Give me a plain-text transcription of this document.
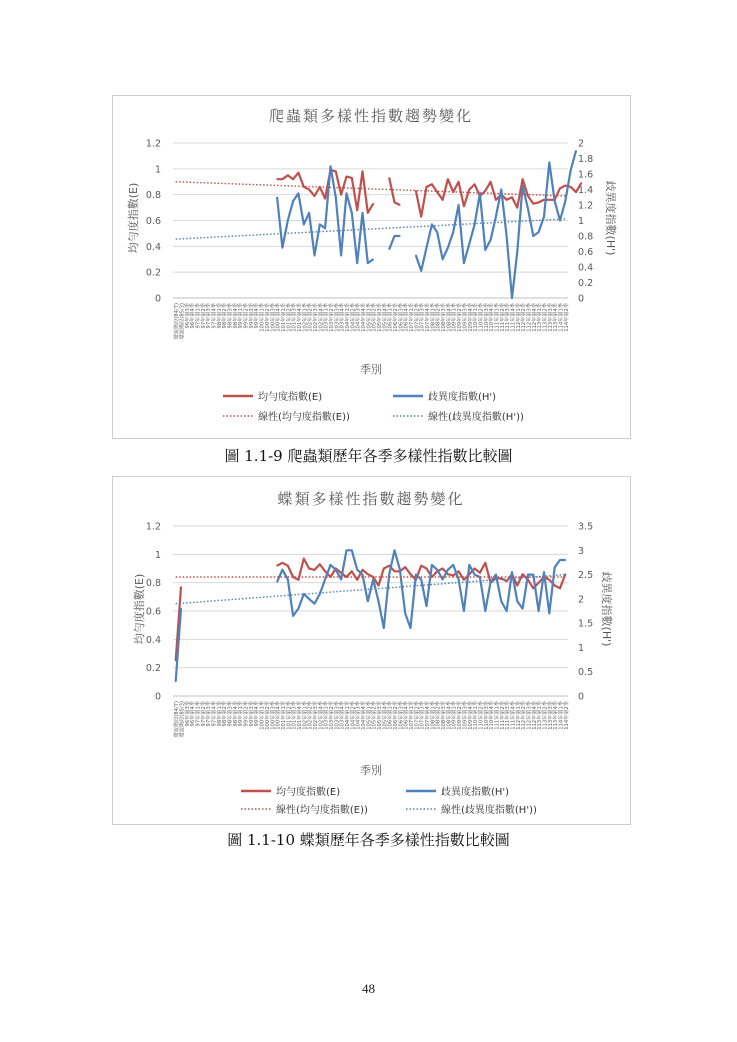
爬蟲類多樣性指數趨勢變化
季別
均勻度指數(E)	歧異度指數(H')
均勻度指數(E)	歧異度指數(H')
線性(均勻度指數(E))	線性(歧異度指數(H'))
0
0.2
0.4
0.6
0.8
1
1.2
0
0.2
0.4
0.6
0.8
1
1.2
1.4
1.6
1.8
2
環說階段(84/7) 環說階段(85/3) 96年第3季 96年第4季 97年第1季 97年第2季 97年第3季 97年第4季 98年第1季 98年第2季 98年第3季 98年第4季 99年第1季 99年第2季 99年第3季 99年第4季 100年第1季 100年第2季 100年第3季 100年第4季 101年第1季 101年第2季 101年第3季 101年第4季 102年第1季 102年第2季 102年第3季 102年第4季 103年第1季 103年第2季 103年第3季 103年第4季 104年第1季 104年第2季 104年第3季 104年第4季 105年第1季 105年第2季 105年第3季 105年第4季 106年第1季 106年第2季 106年第3季 106年第4季 107年第1季 107年第2季 107年第3季 107年第4季 108年第1季 108年第2季 108年第3季 108年第4季 109年第1季 109年第2季 109年第3季 109年第4季 110年第1季 110年第2季 110年第3季 110年第4季 111年第1季 111年第2季 111年第3季 111年第4季 112年第1季 112年第2季 112年第3季 112年第4季 113年第1季 113年第2季 113年第3季 113年第4季 114年第1季 114年第2季
圖 1.1-9 爬蟲類歷年各季多樣性指數比較圖
蝶類多樣性指數趨勢變化
季別
均勻度指數(E)	歧異度指數(H')
均勻度指數(E)	歧異度指數(H')
線性(均勻度指數(E))	線性(歧異度指數(H'))
0
0.2
0.4
0.6
0.8
1
1.2
0
0.5
1
1.5
2
2.5
3
3.5
環說階段(84/7) 環說階段(85/3) 96年第3季 96年第4季 97年第1季 97年第2季 97年第3季 97年第4季 98年第1季 98年第2季 98年第3季 98年第4季 99年第1季 99年第2季 99年第3季 99年第4季 100年第1季 100年第2季 100年第3季 100年第4季 101年第1季 101年第2季 101年第3季 101年第4季 102年第1季 102年第2季 102年第3季 102年第4季 103年第1季 103年第2季 103年第3季 103年第4季 104年第1季 104年第2季 104年第3季 104年第4季 105年第1季 105年第2季 105年第3季 105年第4季 106年第1季 106年第2季 106年第3季 106年第4季 107年第1季 107年第2季 107年第3季 107年第4季 108年第1季 108年第2季 108年第3季 108年第4季 109年第1季 109年第2季 109年第3季 109年第4季 110年第1季 110年第2季 110年第3季 110年第4季 111年第1季 111年第2季 111年第3季 111年第4季 112年第1季 112年第2季 112年第3季 112年第4季 113年第1季 113年第2季 113年第3季 113年第4季 114年第1季 114年第2季
圖 1.1-10 蝶類歷年各季多樣性指數比較圖
48
